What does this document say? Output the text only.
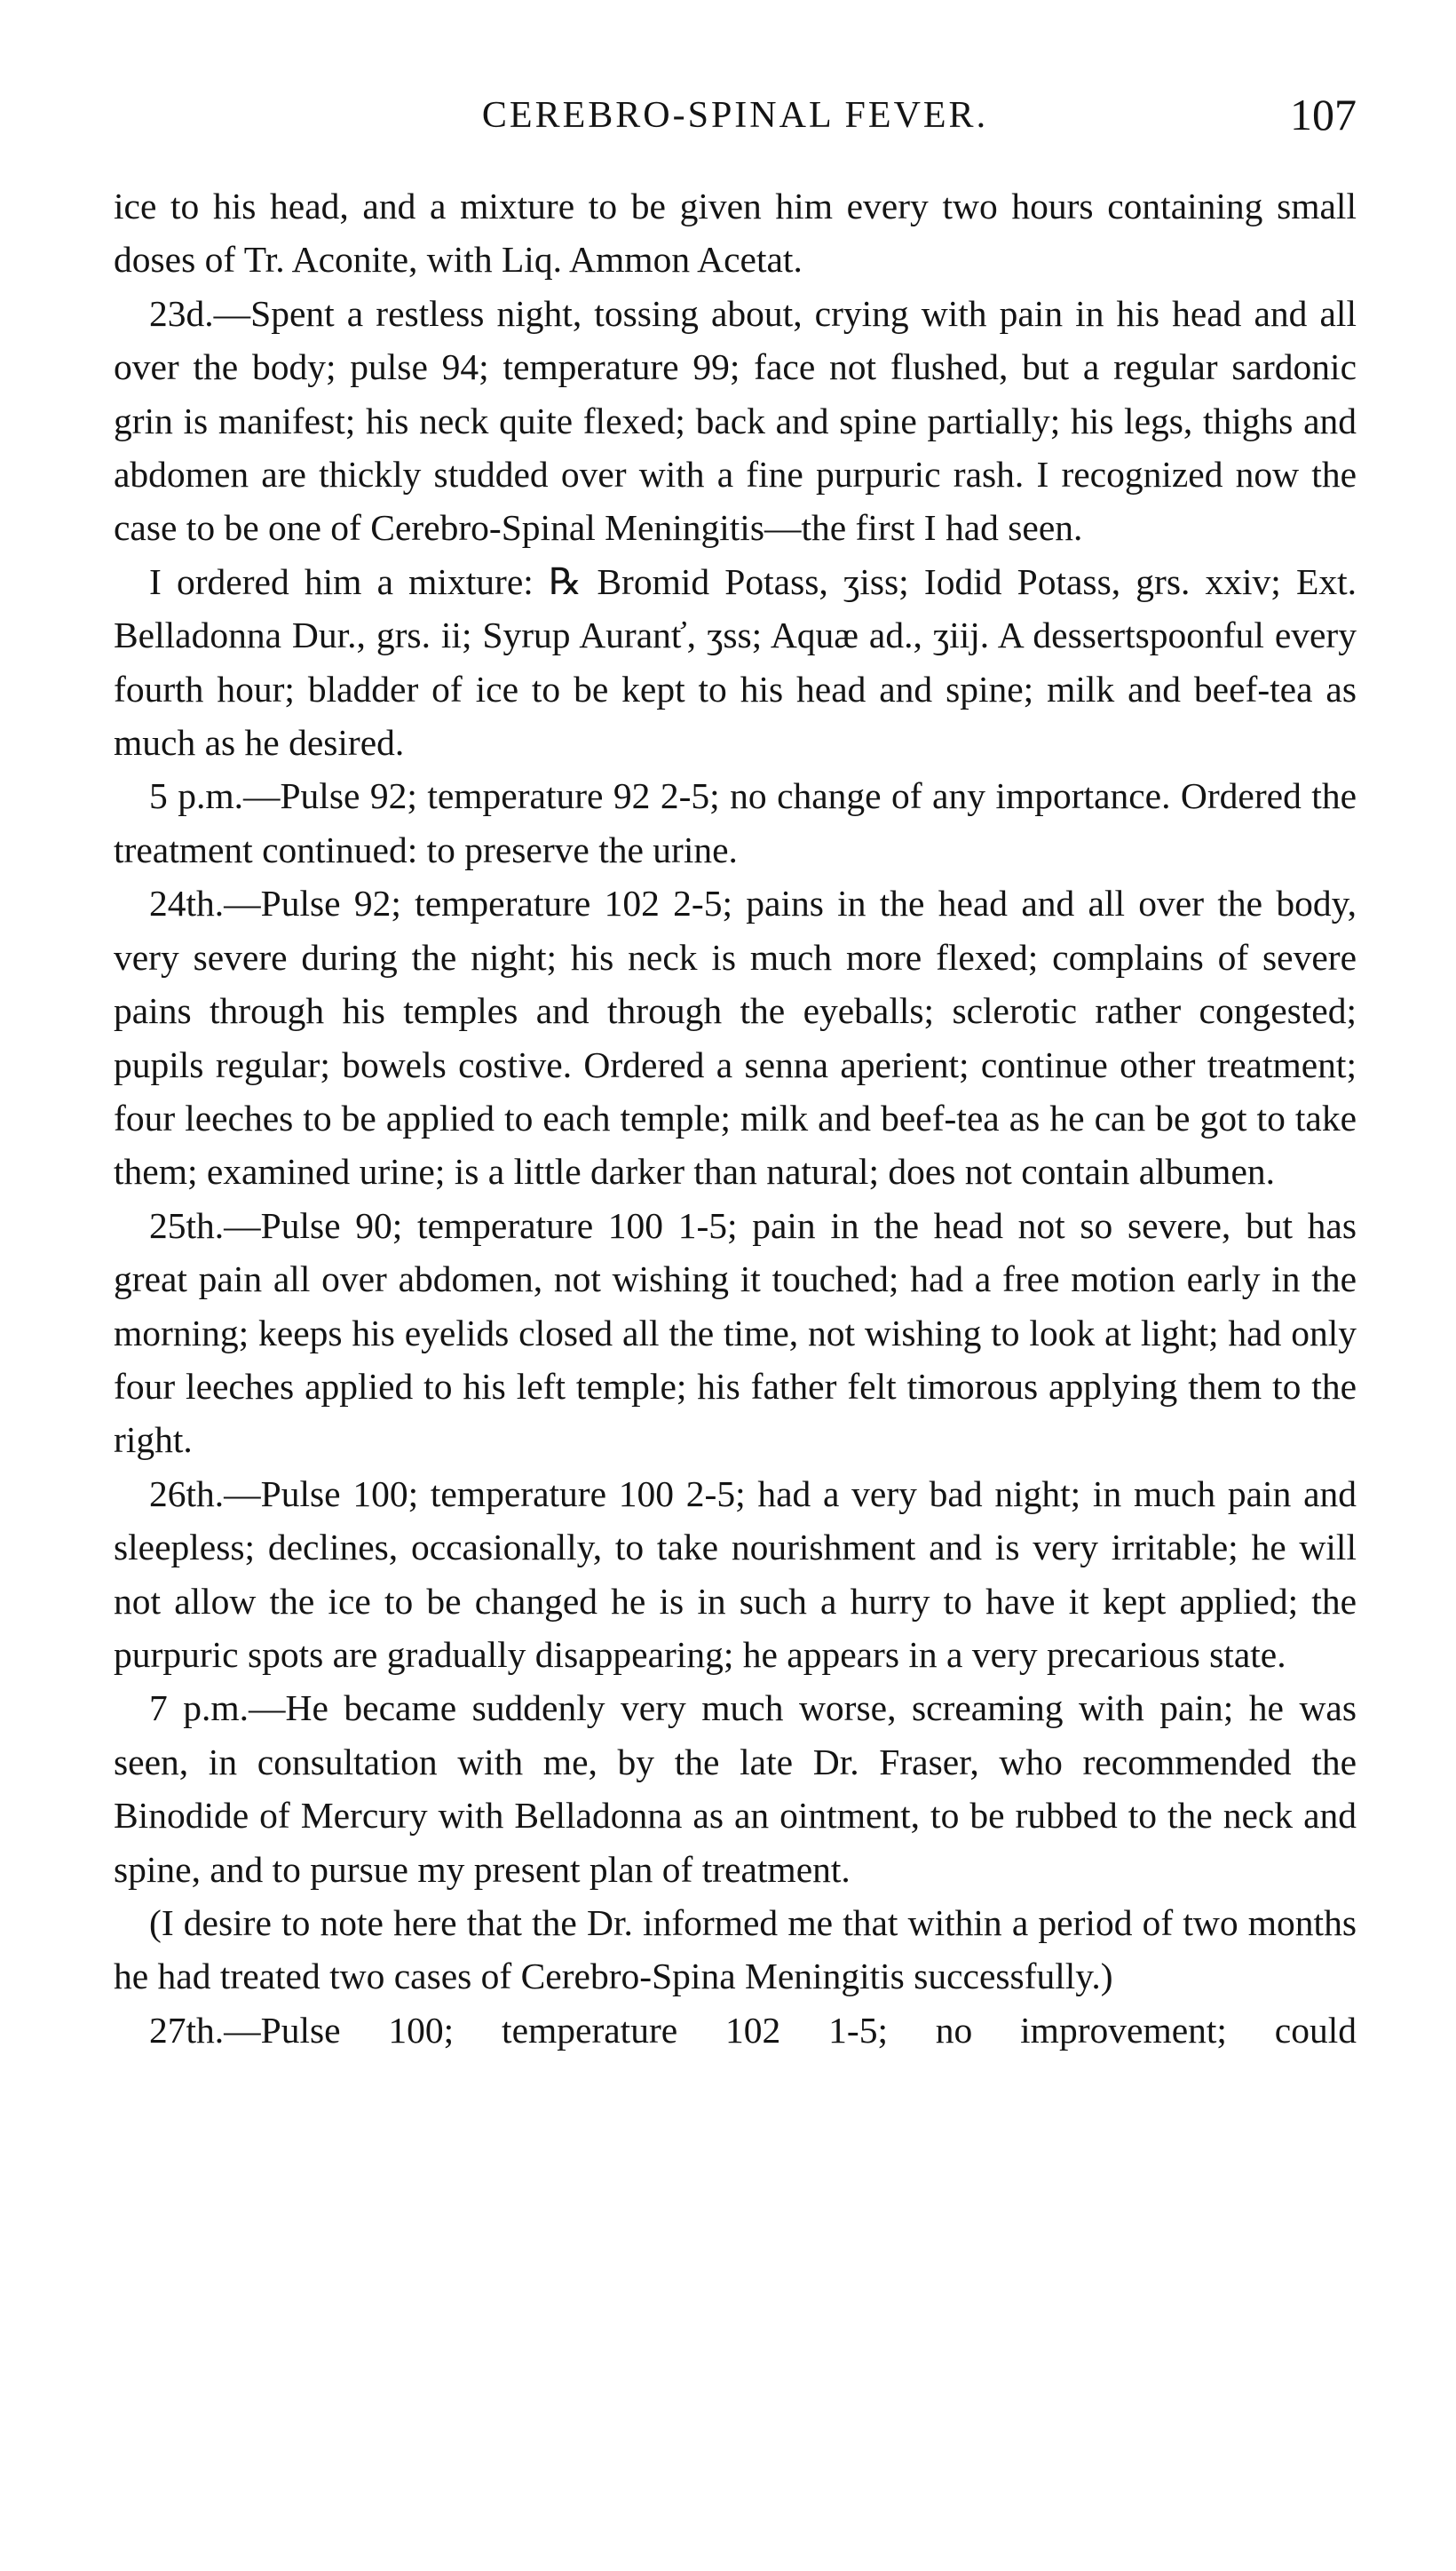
CEREBRO-SPINAL FEVER.	107

ice to his head, and a mixture to be given him every two hours containing small doses of Tr. Aconite, with Liq. Ammon Acetat.

23d.—Spent a restless night, tossing about, crying with pain in his head and all over the body; pulse 94; temperature 99; face not flushed, but a regular sardonic grin is manifest; his neck quite flexed; back and spine partially; his legs, thighs and abdomen are thickly studded over with a fine purpuric rash. I recognized now the case to be one of Cerebro-Spinal Meningitis—the first I had seen.

I ordered him a mixture: ℞ Bromid Potass, ʒiss; Iodid Potass, grs. xxiv; Ext. Belladonna Dur., grs. ii; Syrup Auranť, ʒss; Aquæ ad., ʒiij. A dessertspoonful every fourth hour; bladder of ice to be kept to his head and spine; milk and beef-tea as much as he desired.

5 p.m.—Pulse 92; temperature 92 2-5; no change of any importance. Ordered the treatment continued: to preserve the urine.

24th.—Pulse 92; temperature 102 2-5; pains in the head and all over the body, very severe during the night; his neck is much more flexed; complains of severe pains through his temples and through the eyeballs; sclerotic rather congested; pupils regular; bowels costive. Ordered a senna aperient; continue other treatment; four leeches to be applied to each temple; milk and beef-tea as he can be got to take them; examined urine; is a little darker than natural; does not contain albumen.

25th.—Pulse 90; temperature 100 1-5; pain in the head not so severe, but has great pain all over abdomen, not wishing it touched; had a free motion early in the morning; keeps his eyelids closed all the time, not wishing to look at light; had only four leeches applied to his left temple; his father felt timorous applying them to the right.

26th.—Pulse 100; temperature 100 2-5; had a very bad night; in much pain and sleepless; declines, occasionally, to take nourishment and is very irritable; he will not allow the ice to be changed he is in such a hurry to have it kept applied; the purpuric spots are gradually disappearing; he appears in a very precarious state.

7 p.m.—He became suddenly very much worse, screaming with pain; he was seen, in consultation with me, by the late Dr. Fraser, who recommended the Binodide of Mercury with Belladonna as an ointment, to be rubbed to the neck and spine, and to pursue my present plan of treatment.

(I desire to note here that the Dr. informed me that within a period of two months he had treated two cases of Cerebro-Spina Meningitis successfully.)

27th.—Pulse 100; temperature 102 1-5; no improvement; could
